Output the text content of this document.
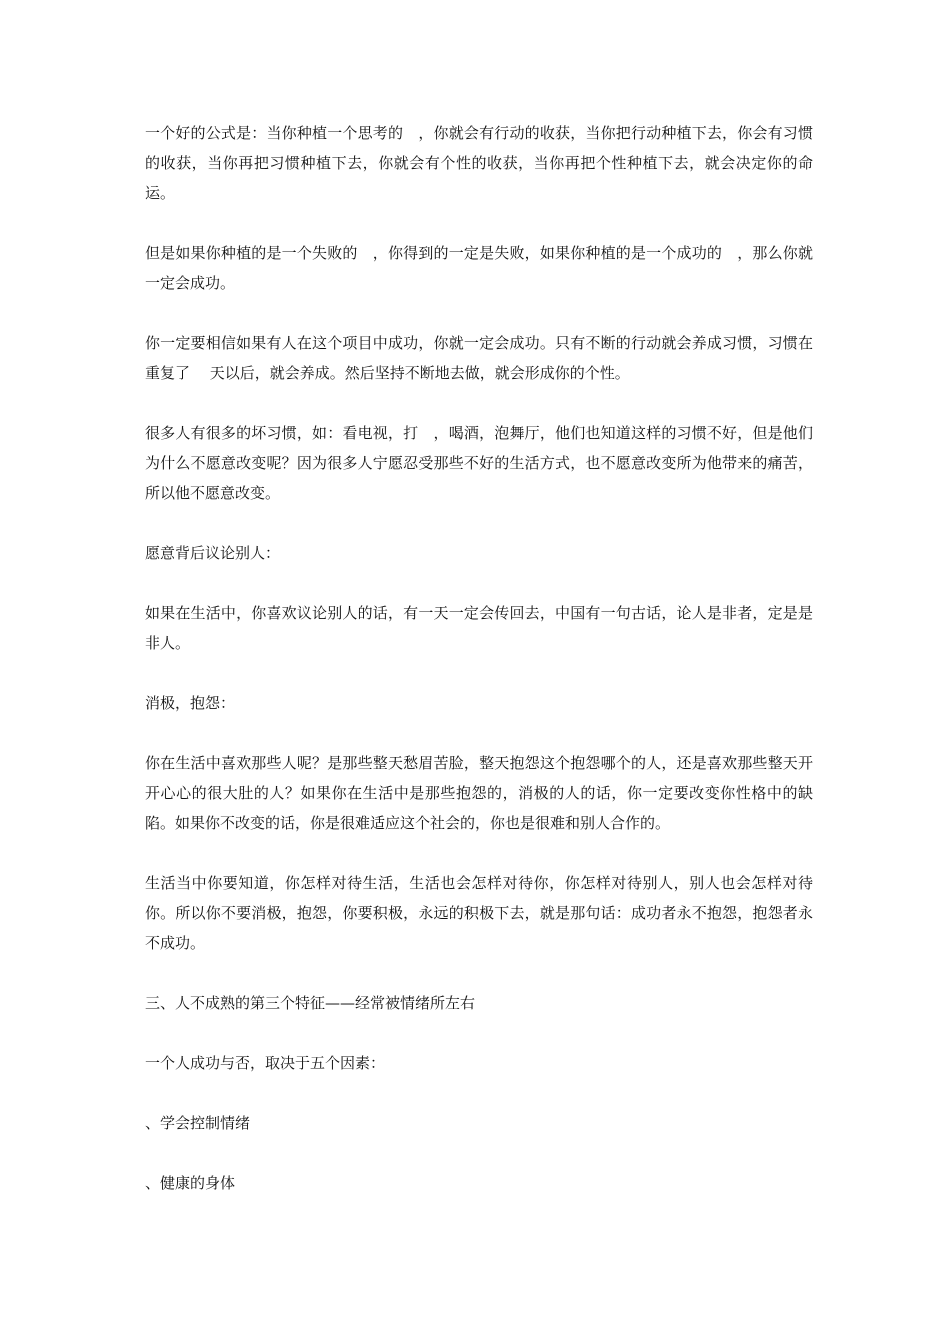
一个好的公式是：当你种植一个思考的　，你就会有行动的收获，当你把行动种植下去，你会有习惯的收获，当你再把习惯种植下去，你就会有个性的收获，当你再把个性种植下去，就会决定你的命运。

但是如果你种植的是一个失败的　，你得到的一定是失败，如果你种植的是一个成功的　，那么你就一定会成功。

你一定要相信如果有人在这个项目中成功，你就一定会成功。只有不断的行动就会养成习惯，习惯在重复了　 天以后，就会养成。然后坚持不断地去做，就会形成你的个性。

很多人有很多的坏习惯，如：看电视，打　，喝酒，泡舞厅，他们也知道这样的习惯不好，但是他们为什么不愿意改变呢？因为很多人宁愿忍受那些不好的生活方式，也不愿意改变所为他带来的痛苦，所以他不愿意改变。

愿意背后议论别人：

如果在生活中，你喜欢议论别人的话，有一天一定会传回去，中国有一句古话，论人是非者，定是是非人。

消极，抱怨：

你在生活中喜欢那些人呢？是那些整天愁眉苦脸，整天抱怨这个抱怨哪个的人，还是喜欢那些整天开开心心的很大肚的人？如果你在生活中是那些抱怨的，消极的人的话，你一定要改变你性格中的缺陷。如果你不改变的话，你是很难适应这个社会的，你也是很难和别人合作的。

生活当中你要知道，你怎样对待生活，生活也会怎样对待你，你怎样对待别人，别人也会怎样对待你。所以你不要消极，抱怨，你要积极，永远的积极下去，就是那句话：成功者永不抱怨，抱怨者永不成功。

三、人不成熟的第三个特征——经常被情绪所左右

一个人成功与否，取决于五个因素：

、学会控制情绪

、健康的身体
